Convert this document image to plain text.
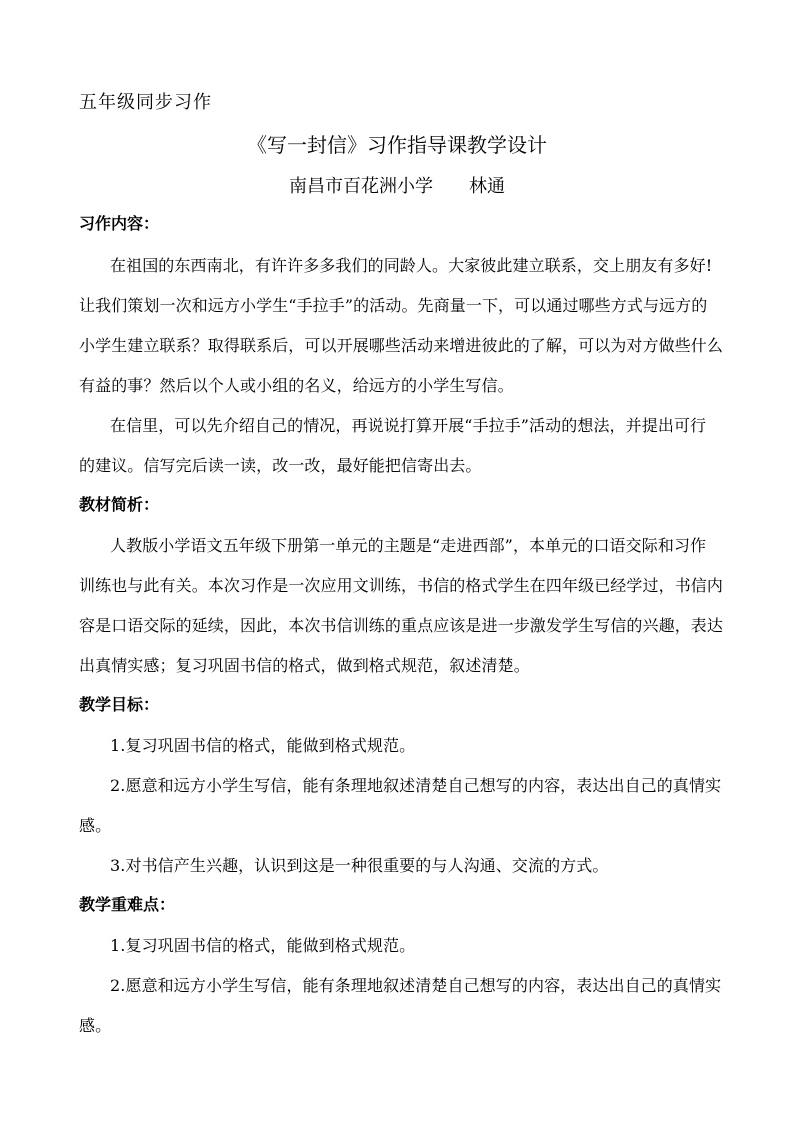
五年级同步习作
《写一封信》习作指导课教学设计
南昌市百花洲小学 林通
习作内容：
在祖国的东西南北，有许许多多我们的同龄人。大家彼此建立联系，交上朋友有多好!
让我们策划一次和远方小学生“手拉手”的活动。先商量一下，可以通过哪些方式与远方的
小学生建立联系？取得联系后，可以开展哪些活动来增进彼此的了解，可以为对方做些什么
有益的事？然后以个人或小组的名义，给远方的小学生写信。
在信里，可以先介绍自己的情况，再说说打算开展“手拉手”活动的想法，并提出可行
的建议。信写完后读一读，改一改，最好能把信寄出去。
教材简析：
人教版小学语文五年级下册第一单元的主题是“走进西部”，本单元的口语交际和习作
训练也与此有关。本次习作是一次应用文训练，书信的格式学生在四年级已经学过，书信内
容是口语交际的延续，因此，本次书信训练的重点应该是进一步激发学生写信的兴趣，表达
出真情实感；复习巩固书信的格式，做到格式规范，叙述清楚。
教学目标：
1.复习巩固书信的格式，能做到格式规范。
2.愿意和远方小学生写信，能有条理地叙述清楚自己想写的内容，表达出自己的真情实
感。
3.对书信产生兴趣，认识到这是一种很重要的与人沟通、交流的方式。
教学重难点：
1.复习巩固书信的格式，能做到格式规范。
2.愿意和远方小学生写信，能有条理地叙述清楚自己想写的内容，表达出自己的真情实
感。
